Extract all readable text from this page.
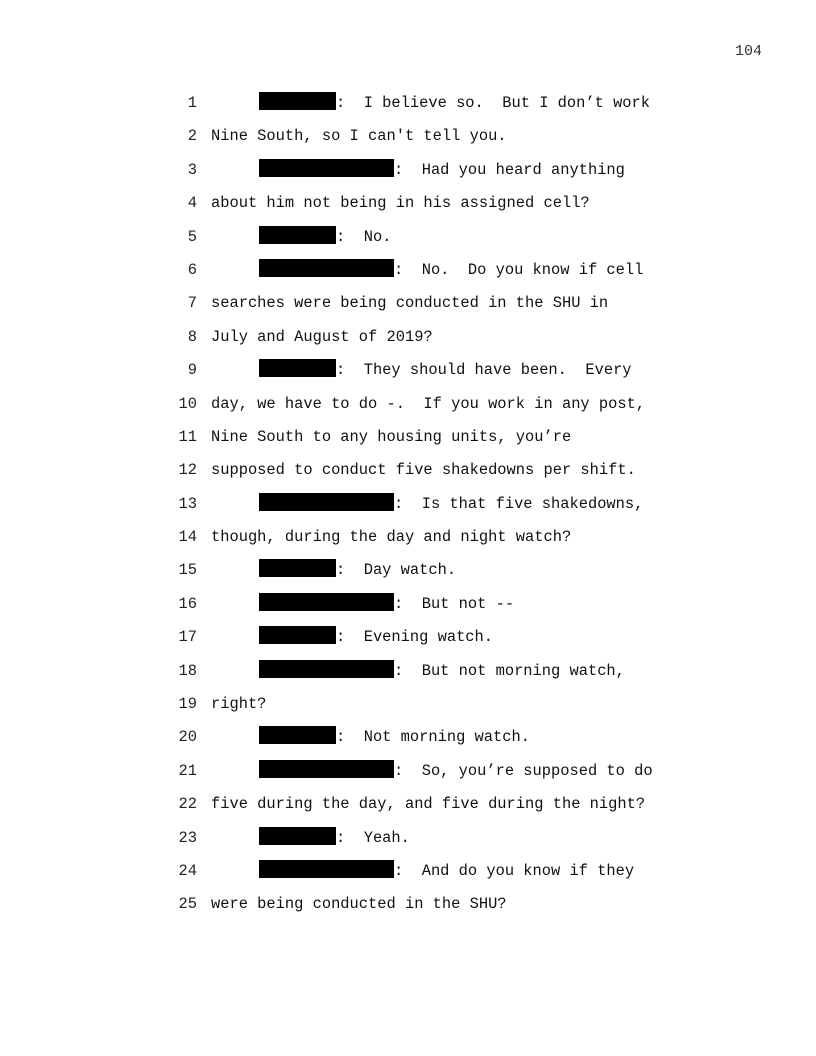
104
1	:  I believe so.  But I don’t work
2 Nine South, so I can't tell you.
3	:  Had you heard anything
4 about him not being in his assigned cell?
5	:  No.
6	:  No.  Do you know if cell
7 searches were being conducted in the SHU in
8 July and August of 2019?
9	:  They should have been.  Every
10 day, we have to do -.  If you work in any post,
11 Nine South to any housing units, you’re
12 supposed to conduct five shakedowns per shift.
13	:  Is that five shakedowns,
14 though, during the day and night watch?
15	:  Day watch.
16	:  But not --
17	:  Evening watch.
18	:  But not morning watch,
19 right?
20	:  Not morning watch.
21	:  So, you’re supposed to do
22 five during the day, and five during the night?
23	:  Yeah.
24	:  And do you know if they
25 were being conducted in the SHU?
